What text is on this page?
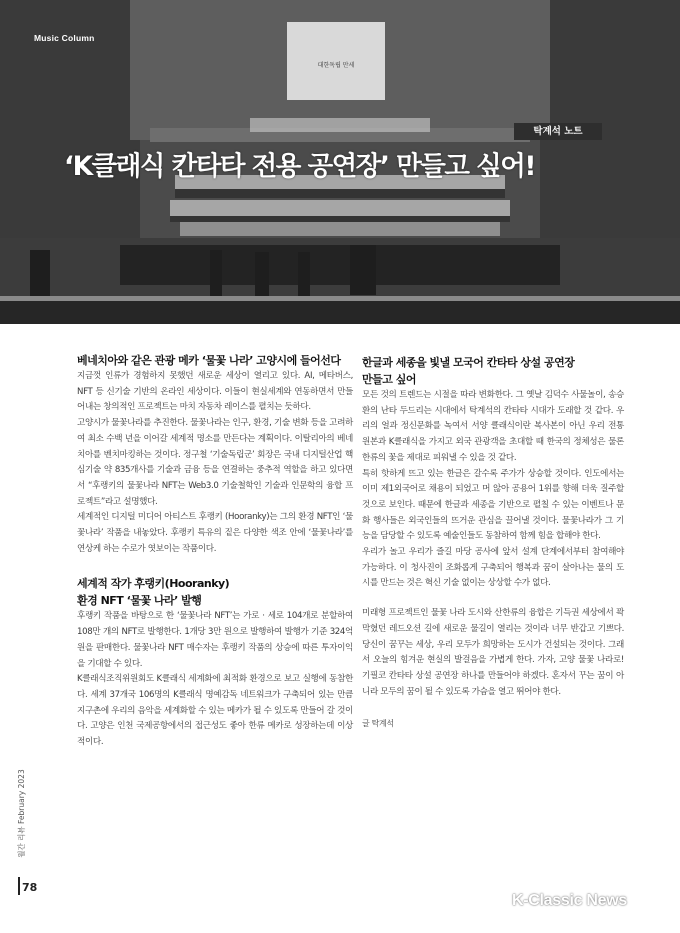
Music Column
대한독립 만세
탁계석 노트
‘K클래식 칸타타 전용 공연장’ 만들고 싶어!
베네치아와 같은 관광 메카 ‘물꽃 나라’ 고양시에 들어선다

지금껏 인류가 경험하지 못했던 새로운 세상이 열리고 있다. AI, 메타버스, NFT 등 신기술 기반의 온라인 세상이다. 이들이 현실세계와 연동하면서 만들어내는 창의적인 프로젝트는 마치 자동차 레이스를 펼치는 듯하다.

고양시가 물꽃나라를 추진한다. 물꽃나라는 인구, 환경, 기술 변화 등을 고려하여 최소 수백 년을 이어갈 세계적 명소를 만든다는 계획이다. 이탈리아의 베네치아를 벤치마킹하는 것이다. 정구철 ‘기술독립군’ 회장은 국내 디지털산업 핵심기술 약 835개사를 기술과 금융 등을 연결하는 중추적 역할을 하고 있다면서 “후랭키의 물꽃나라 NFT는 Web3.0 기술철학인 기술과 인문학의 융합 프로젝트”라고 설명했다.

세계적인 디지털 미디어 아티스트 후랭키 (Hooranky)는 그의 환경 NFT인 ‘물꽃나라’ 작품을 내놓았다. 후랭키 특유의 짙은 다양한 색조 안에 ‘물꽃나라’를 연상케 하는 수로가 엿보이는 작품이다.

세계적 작가 후랭키(Hooranky)
환경 NFT ‘물꽃 나라’ 발행

후랭키 작품을 바탕으로 한 ‘물꽃나라 NFT’는 가로 · 세로 104개로 분할하여 108만 개의 NFT로 발행한다. 1개당 3만 원으로 발행하여 발행가 기준 324억 원을 판매한다. 물꽃나라 NFT 매수자는 후랭키 작품의 상승에 따른 투자이익을 기대할 수 있다.

K클래식조직위원회도 K클래식 세계화에 최적화 환경으로 보고 실행에 동참한다. 세계 37개국 106명의 K클래식 명예감독 네트워크가 구축되어 있는 만큼 지구촌에 우리의 음악을 세계화할 수 있는 메카가 될 수 있도록 만들어 갈 것이다. 고양은 인천 국제공항에서의 접근성도 좋아 한류 메카로 성장하는데 이상적이다.

한글과 세종을 빛낼 모국어 칸타타 상설 공연장
만들고 싶어

모든 것의 트렌드는 시절을 따라 변화한다. 그 옛날 김덕수 사물놀이, 송승환의 난타 두드리는 시대에서 탁계석의 칸타타 시대가 도래할 것 같다. 우리의 얼과 정신문화를 녹여서 서양 클래식이란 복사본이 아닌 우리 전통 원본과 K클래식을 가지고 외국 관광객을 초대할 때 한국의 정체성은 물론 한류의 꽃을 제대로 피워낼 수 있을 것 같다.

특히 핫하게 뜨고 있는 한글은 갈수록 주가가 상승할 것이다. 인도에서는 이미 제1외국어로 채용이 되었고 머 않아 공용어 1위를 향해 더욱 질주할 것으로 보인다. 때문에 한글과 세종을 기반으로 펼칠 수 있는 이벤트나 문화 행사들은 외국인들의 뜨거운 관심을 끌어낼 것이다. 물꽃나라가 그 기능을 담당할 수 있도록 예술인들도 동참하여 함께 힘을 합해야 한다.

우리가 놀고 우리가 즐길 마당 공사에 앞서 설계 단계에서부터 참여해야 가능하다. 이 청사진이 조화롭게 구축되어 행복과 꿈이 살아나는 물의 도시를 만드는 것은 혁신 기술 없이는 상상할 수가 없다.

미래형 프로젝트인 물꽃 나라 도시와 산한류의 융합은 기득권 세상에서 꽉 막혔던 레드오션 길에 새로운 물길이 열리는 것이라 너무 반갑고 기쁘다. 당신이 꿈꾸는 세상, 우리 모두가 희망하는 도시가 건설되는 것이다. 그래서 오늘의 힘겨운 현실의 발걸음을 가볍게 한다. 가자, 고양 물꽃 나라로! 기필코 칸타타 상설 공연장 하나를 만들어야 하겠다. 혼자서 꾸는 꿈이 아니라 모두의 꿈이 될 수 있도록 가슴을 열고 뛰어야 한다.

글 탁계석

월간 리뷰 February 2023
78
K-Classic News
